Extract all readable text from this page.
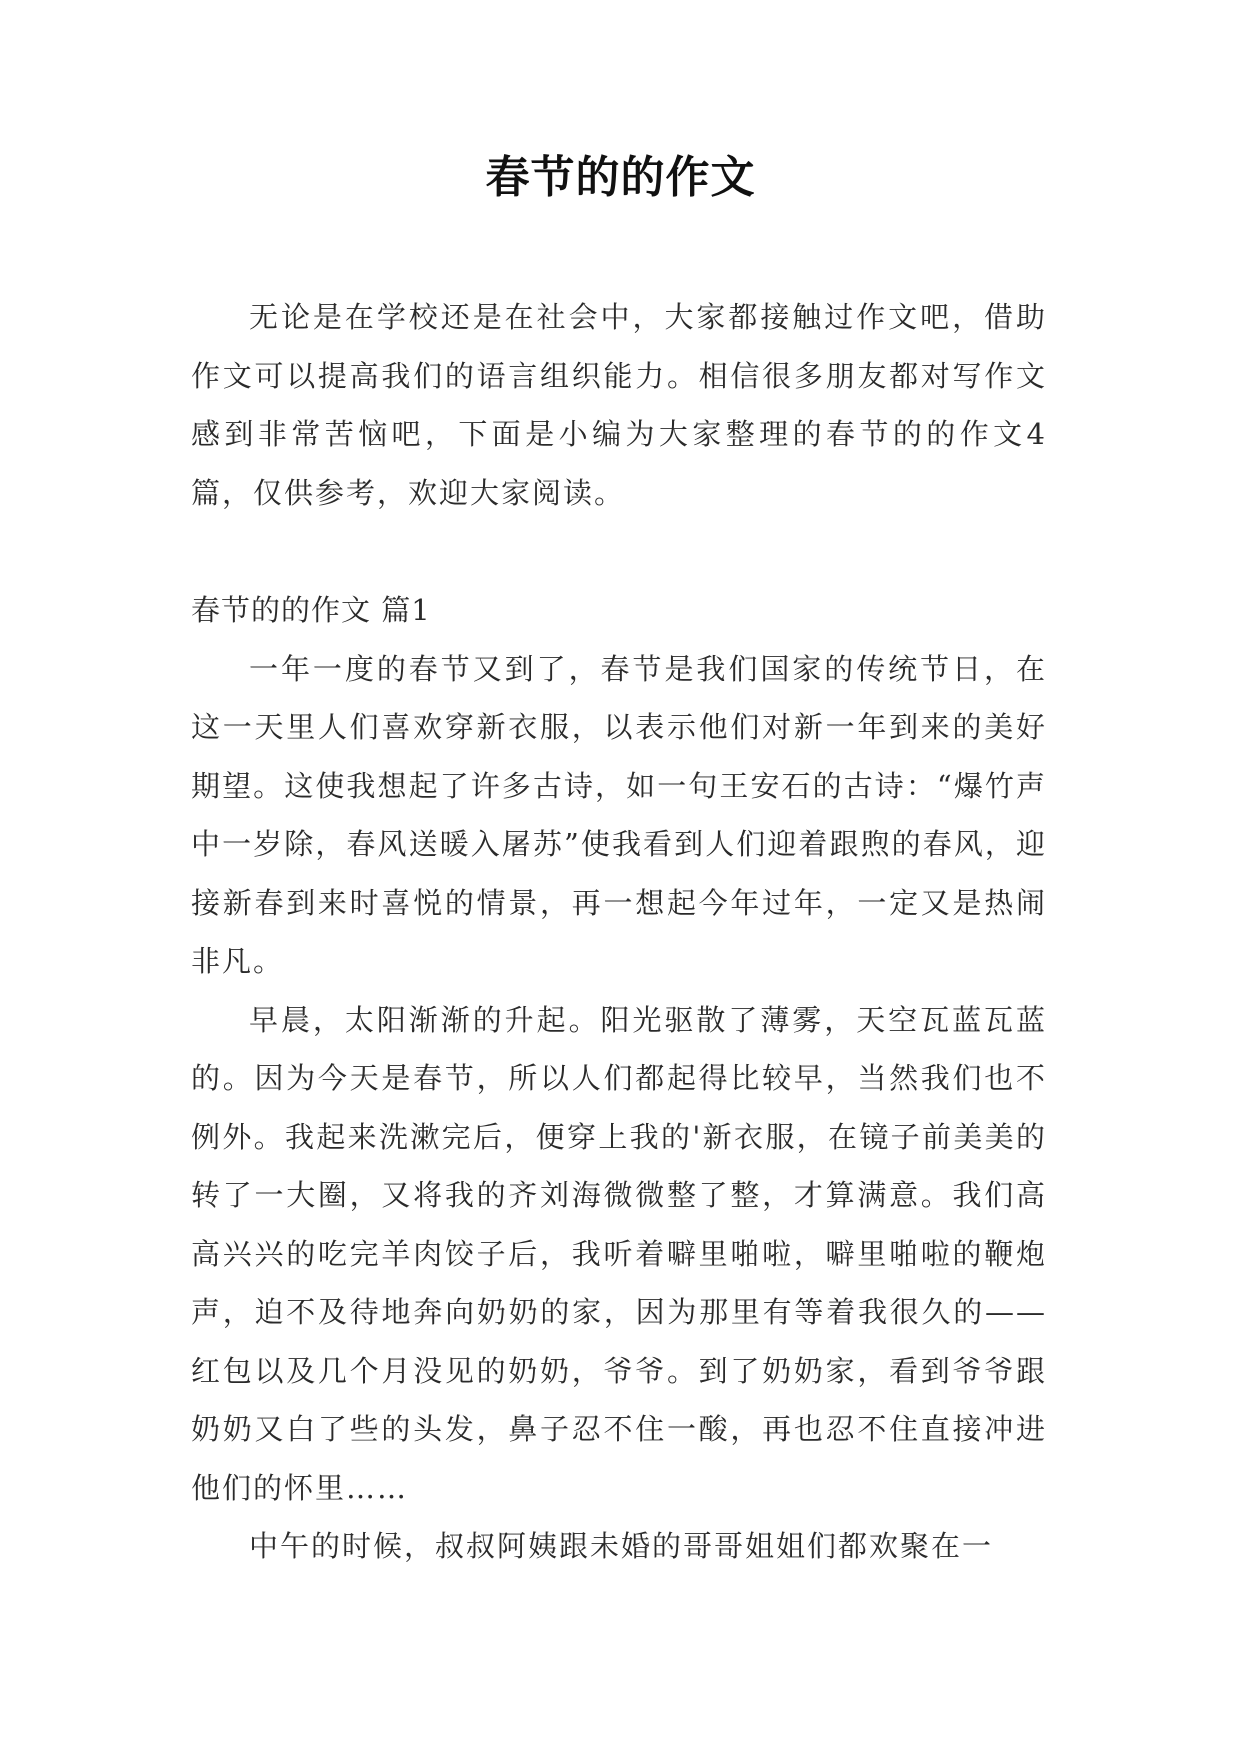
春节的的作文

无论是在学校还是在社会中，大家都接触过作文吧，借助作文可以提高我们的语言组织能力。相信很多朋友都对写作文感到非常苦恼吧，下面是小编为大家整理的春节的的作文4篇，仅供参考，欢迎大家阅读。

春节的的作文 篇1

一年一度的春节又到了，春节是我们国家的传统节日，在这一天里人们喜欢穿新衣服，以表示他们对新一年到来的美好期望。这使我想起了许多古诗，如一句王安石的古诗：“爆竹声中一岁除，春风送暖入屠苏”使我看到人们迎着跟煦的春风，迎接新春到来时喜悦的情景，再一想起今年过年，一定又是热闹非凡。

早晨，太阳渐渐的升起。阳光驱散了薄雾，天空瓦蓝瓦蓝的。因为今天是春节，所以人们都起得比较早，当然我们也不例外。我起来洗漱完后，便穿上我的'新衣服，在镜子前美美的转了一大圈，又将我的齐刘海微微整了整，才算满意。我们高高兴兴的吃完羊肉饺子后，我听着噼里啪啦，噼里啪啦的鞭炮声，迫不及待地奔向奶奶的家，因为那里有等着我很久的——红包以及几个月没见的奶奶，爷爷。到了奶奶家，看到爷爷跟奶奶又白了些的头发，鼻子忍不住一酸，再也忍不住直接冲进他们的怀里……

中午的时候，叔叔阿姨跟未婚的哥哥姐姐们都欢聚在一
